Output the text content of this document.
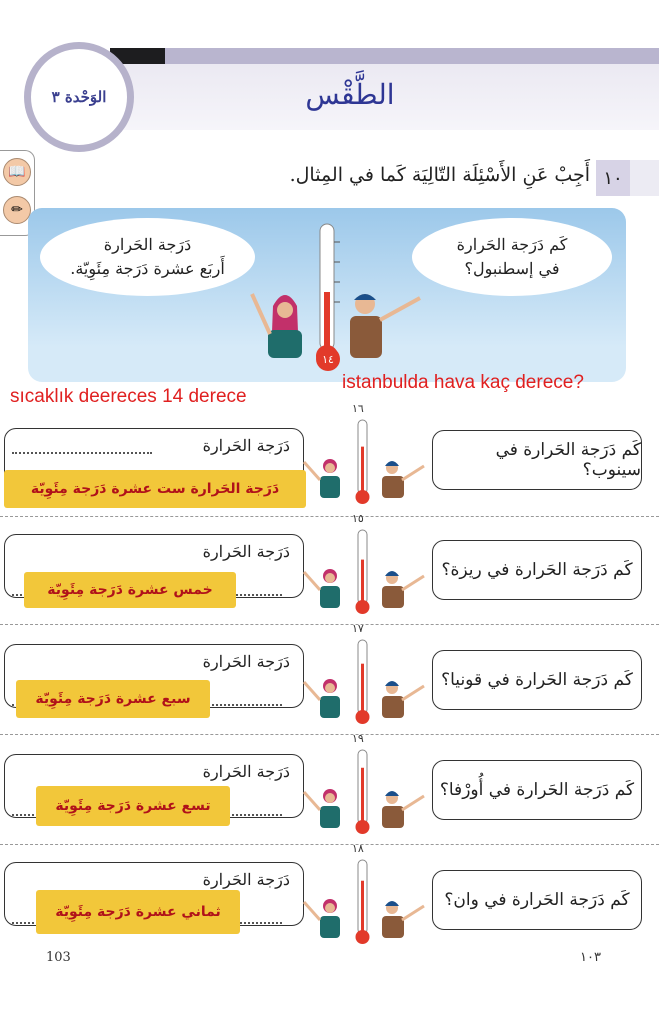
الوَحْدة ٣	الطَّقْس
📖
✏
١٠
أَجِبْ عَنِ الأَسْئِلَة التّالِيَة كَما في المِثال.
دَرَجة الحَرارة
أَربَع عشرة دَرَجة مِئَوِيّة.
كَم دَرَجة الحَرارة
في إسطنبول؟
١٤
sıcaklık deereces 14 derece
istanbulda hava kaç derece?
١٦
كَم دَرَجة الحَرارة في سينوب؟
دَرَجة الحَرارة
دَرَجة الحَرارة ست عشرة دَرَجة مِئَوِيّة
١٥
كَم دَرَجة الحَرارة في ريزة؟
دَرَجة الحَرارة
خمس عشرة دَرَجة مِئَوِيّة
١٧
كَم دَرَجة الحَرارة في قونيا؟
دَرَجة الحَرارة
سبع عشرة دَرَجة مِئَوِيّة
١٩
كَم دَرَجة الحَرارة في أُورْفا؟
دَرَجة الحَرارة
تسع عشرة دَرَجة مِئَوِيّة
١٨
كَم دَرَجة الحَرارة في وان؟
دَرَجة الحَرارة
ثماني عشرة دَرَجة مِئَوِيّة
103	١٠٣
